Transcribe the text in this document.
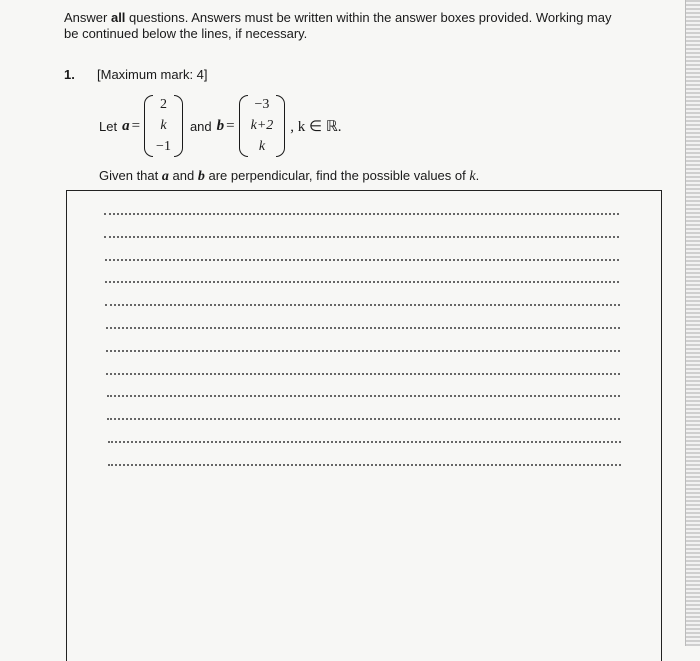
Answer all questions. Answers must be written within the answer boxes provided. Working may be continued below the lines, if necessary.

1. [Maximum mark: 4]
Let a =
2
k
−1
and b =
−3
k+2
k
, k ∈ ℝ.
Given that a and b are perpendicular, find the possible values of k.
